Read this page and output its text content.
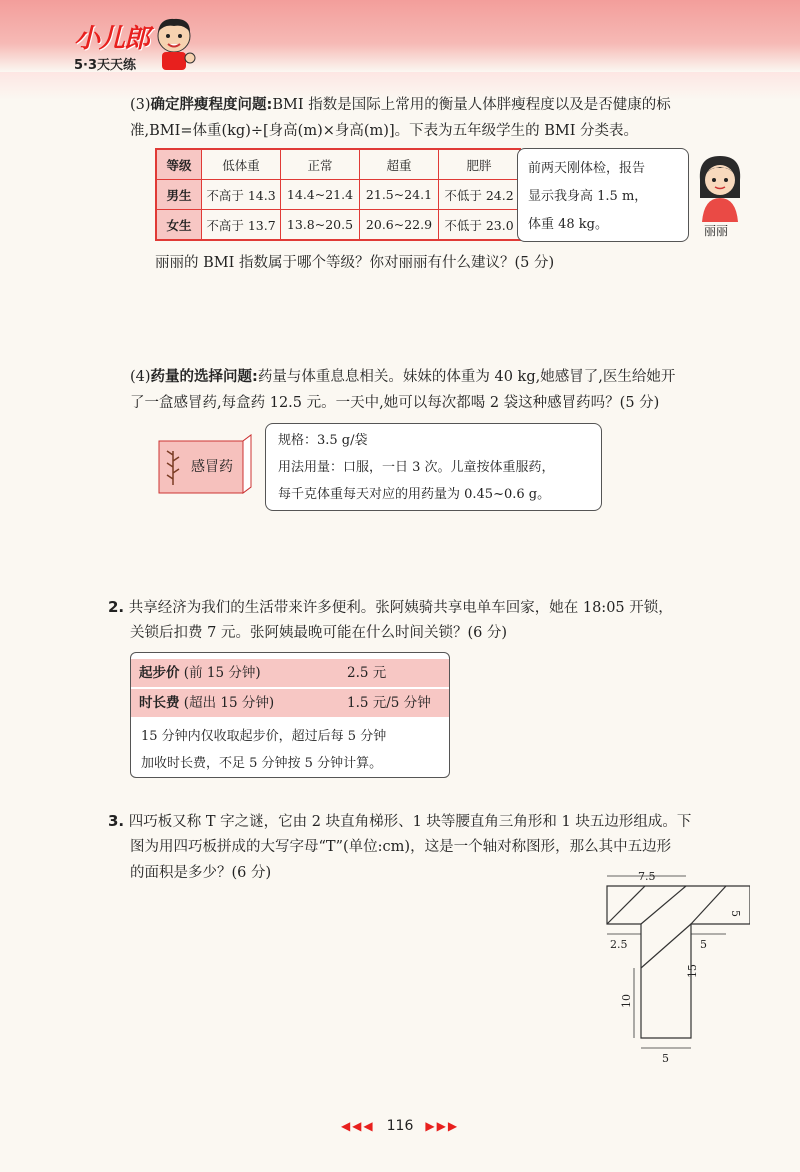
小儿郎
5·3天天练

(3)确定胖瘦程度问题:BMI 指数是国际上常用的衡量人体胖瘦程度以及是否健康的标

准,BMI=体重(kg)÷[身高(m)×身高(m)]。下表为五年级学生的 BMI 分类表。

等级	低体重	正常	超重	肥胖
男生	不高于 14.3	14.4~21.4	21.5~24.1	不低于 24.2
女生	不高于 13.7	13.8~20.5	20.6~22.9	不低于 23.0

前两天刚体检，报告

显示我身高 1.5 m，

体重 48 kg。	丽丽

丽丽的 BMI 指数属于哪个等级？你对丽丽有什么建议？(5 分)

(4)药量的选择问题:药量与体重息息相关。妹妹的体重为 40 kg,她感冒了,医生给她开

了一盒感冒药,每盒药 12.5 元。一天中,她可以每次都喝 2 袋这种感冒药吗？(5 分)

感冒药

规格：3.5 g/袋

用法用量：口服，一日 3 次。儿童按体重服药，

每千克体重每天对应的用药量为 0.45~0.6 g。

2. 共享经济为我们的生活带来许多便利。张阿姨骑共享电单车回家，她在 18:05 开锁，

关锁后扣费 7 元。张阿姨最晚可能在什么时间关锁？(6 分)

起步价 (前 15 分钟)	2.5 元
时长费 (超出 15 分钟)	1.5 元/5 分钟

15 分钟内仅收取起步价，超过后每 5 分钟

加收时长费，不足 5 分钟按 5 分钟计算。

3. 四巧板又称 T 字之谜，它由 2 块直角梯形、1 块等腰直角三角形和 1 块五边形组成。下

图为用四巧板拼成的大写字母“T”(单位:cm)，这是一个轴对称图形，那么其中五边形

的面积是多少？(6 分)	7.5
5
2.5	5
10
15
5
◀◀◀ 116 ▶▶▶
